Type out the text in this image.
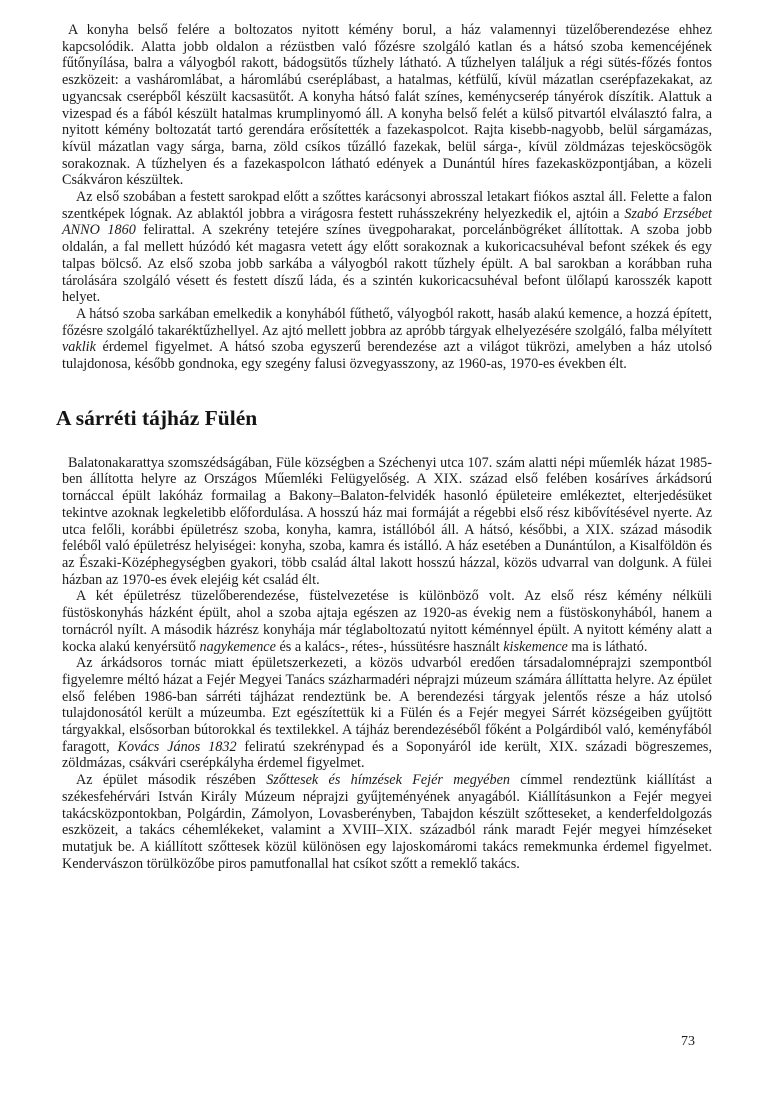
A konyha belső felére a boltozatos nyitott kémény borul, a ház valamennyi tüzelőberendezése ehhez kapcsolódik. Alatta jobb oldalon a rézüstben való főzésre szolgáló katlan és a hátsó szoba kemencéjének fűtőnyílása, balra a vályogból rakott, bádogsütős tűzhely látható. A tűzhelyen találjuk a régi sütés-főzés fontos eszközeit: a vasháromlábat, a háromlábú cseréplábast, a hatalmas, kétfülű, kívül mázatlan cserépfazekakat, az ugyancsak cserépből készült kacsasütőt. A konyha hátsó falát színes, keménycserép tányérok díszítik. Alattuk a vizespad és a fából készült hatalmas krumplinyomó áll. A konyha belső felét a külső pitvartól elválasztó falra, a nyitott kémény boltozatát tartó gerendára erősítették a fazekaspolcot. Rajta kisebb-nagyobb, belül sárgamázas, kívül mázatlan vagy sárga, barna, zöld csíkos tűzálló fazekak, belül sárga-, kívül zöldmázas tejesköcsögök sorakoznak. A tűzhelyen és a fazekaspolcon látható edények a Dunántúl híres fazekasközpontjában, a közeli Csákváron készültek.

Az első szobában a festett sarokpad előtt a szőttes karácsonyi abrosszal letakart fiókos asztal áll. Felette a falon szentképek lógnak. Az ablaktól jobbra a virágosra festett ruhásszekrény helyezkedik el, ajtóin a Szabó Erzsébet ANNO 1860 felirattal. A szekrény tetejére színes üvegpoharakat, porcelánbögréket állítottak. A szoba jobb oldalán, a fal mellett húzódó két magasra vetett ágy előtt sorakoznak a kukoricacsuhéval befont székek és egy talpas bölcső. Az első szoba jobb sarkába a vályogból rakott tűzhely épült. A bal sarokban a korábban ruha tárolására szolgáló vésett és festett díszű láda, és a szintén kukoricacsuhéval befont ülőlapú karosszék kapott helyet.

A hátsó szoba sarkában emelkedik a konyhából fűthető, vályogból rakott, hasáb alakú kemence, a hozzá épített, főzésre szolgáló takaréktűzhellyel. Az ajtó mellett jobbra az apróbb tárgyak elhelyezésére szolgáló, falba mélyített vaklik érdemel figyelmet. A hátsó szoba egyszerű berendezése azt a világot tükrözi, amelyben a ház utolsó tulajdonosa, később gondnoka, egy szegény falusi özvegyasszony, az 1960-as, 1970-es években élt.

A sárréti tájház Fülén

Balatonakarattya szomszédságában, Füle községben a Széchenyi utca 107. szám alatti népi műemlék házat 1985-ben állította helyre az Országos Műemléki Felügyelőség. A XIX. század első felében kosáríves árkádsorú tornáccal épült lakóház formailag a Bakony–Balaton-felvidék hasonló épületeire emlékeztet, elterjedésüket tekintve azoknak legkeletibb előfordulása. A hosszú ház mai formáját a régebbi első rész kibővítésével nyerte. Az utca felőli, korábbi épületrész szoba, konyha, kamra, istállóból áll. A hátsó, későbbi, a XIX. század második feléből való épületrész helyiségei: konyha, szoba, kamra és istálló. A ház esetében a Dunántúlon, a Kisalföldön és az Északi-Középhegységben gyakori, több család által lakott hosszú házzal, közös udvarral van dolgunk. A fülei házban az 1970-es évek elejéig két család élt.

A két épületrész tüzelőberendezése, füstelvezetése is különböző volt. Az első rész kémény nélküli füstöskonyhás házként épült, ahol a szoba ajtaja egészen az 1920-as évekig nem a füstöskonyhából, hanem a tornácról nyílt. A második házrész konyhája már téglaboltozatú nyitott kéménnyel épült. A nyitott kémény alatt a kocka alakú kenyérsütő nagykemence és a kalács-, rétes-, hússütésre használt kiskemence ma is látható.

Az árkádsoros tornác miatt épületszerkezeti, a közös udvarból eredően társadalomnéprajzi szempontból figyelemre méltó házat a Fejér Megyei Tanács százharmadéri néprajzi múzeum számára állíttatta helyre. Az épület első felében 1986-ban sárréti tájházat rendeztünk be. A berendezési tárgyak jelentős része a ház utolsó tulajdonosától került a múzeumba. Ezt egészítettük ki a Fülén és a Fejér megyei Sárrét községeiben gyűjtött tárgyakkal, elsősorban bútorokkal és textilekkel. A tájház berendezéséből főként a Polgárdiból való, keményfából faragott, Kovács János 1832 feliratú szekrénypad és a Soponyáról ide került, XIX. századi bögreszemes, zöldmázas, csákvári cserépkályha érdemel figyelmet.

Az épület második részében Szőttesek és hímzések Fejér megyében címmel rendeztünk kiállítást a székesfehérvári István Király Múzeum néprajzi gyűjteményének anyagából. Kiállításunkon a Fejér megyei takácsközpontokban, Polgárdin, Zámolyon, Lovasberényben, Tabajdon készült szőtteseket, a kenderfeldolgozás eszközeit, a takács céhemlékeket, valamint a XVIII–XIX. századból ránk maradt Fejér megyei hímzéseket mutatjuk be. A kiállított szőttesek közül különösen egy lajoskomáromi takács remekmunka érdemel figyelmet. Kendervászon törülközőbe piros pamutfonallal hat csíkot szőtt a remeklő takács.

73
